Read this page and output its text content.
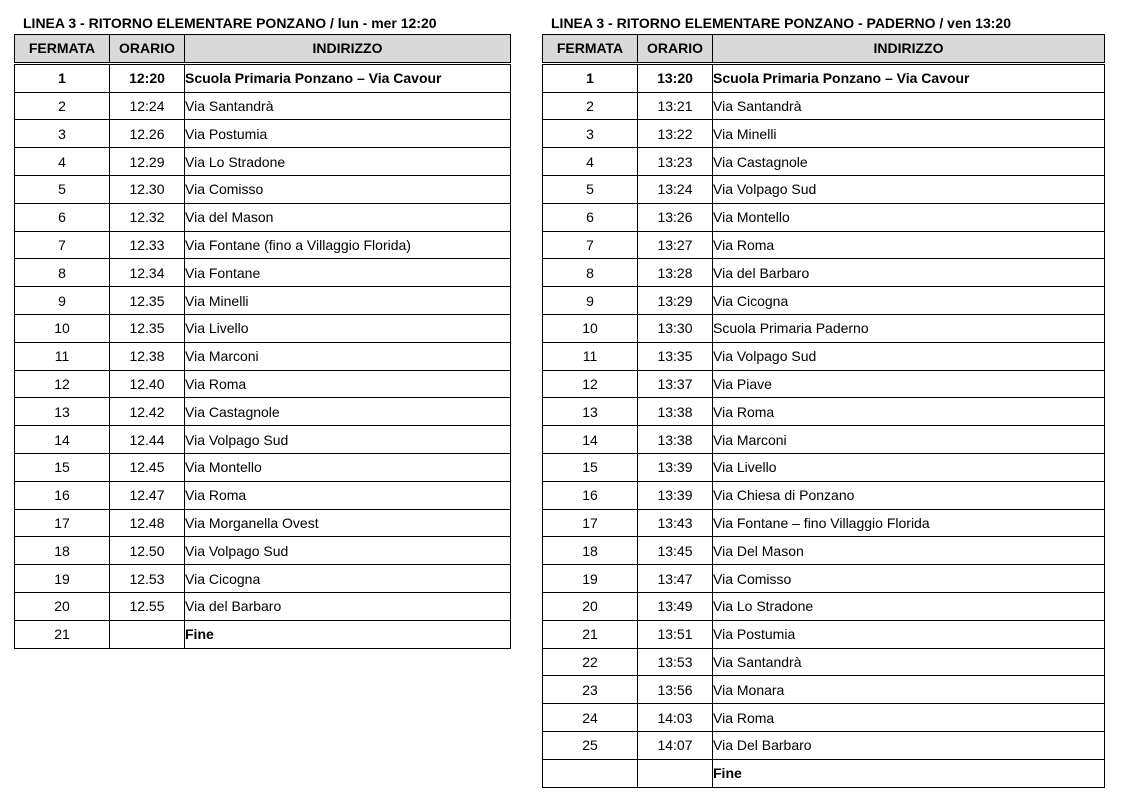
LINEA 3 - RITORNO ELEMENTARE PONZANO / lun - mer 12:20
FERMATA	ORARIO	INDIRIZZO
1	12:20	Scuola Primaria Ponzano – Via Cavour
2	12:24	Via Santandrà
3	12.26	Via Postumia
4	12.29	Via Lo Stradone
5	12.30	Via Comisso
6	12.32	Via del Mason
7	12.33	Via Fontane (fino a Villaggio Florida)
8	12.34	Via Fontane
9	12.35	Via Minelli
10	12.35	Via Livello
11	12.38	Via Marconi
12	12.40	Via Roma
13	12.42	Via Castagnole
14	12.44	Via Volpago Sud
15	12.45	Via Montello
16	12.47	Via Roma
17	12.48	Via Morganella Ovest
18	12.50	Via Volpago Sud
19	12.53	Via Cicogna
20	12.55	Via del Barbaro
21		Fine
LINEA 3 - RITORNO ELEMENTARE PONZANO - PADERNO / ven 13:20
FERMATA	ORARIO	INDIRIZZO
1	13:20	Scuola Primaria Ponzano – Via Cavour
2	13:21	Via Santandrà
3	13:22	Via Minelli
4	13:23	Via Castagnole
5	13:24	Via Volpago Sud
6	13:26	Via Montello
7	13:27	Via Roma
8	13:28	Via del Barbaro
9	13:29	Via Cicogna
10	13:30	Scuola Primaria Paderno
11	13:35	Via Volpago Sud
12	13:37	Via Piave
13	13:38	Via Roma
14	13:38	Via Marconi
15	13:39	Via Livello
16	13:39	Via Chiesa di Ponzano
17	13:43	Via Fontane – fino Villaggio Florida
18	13:45	Via Del Mason
19	13:47	Via Comisso
20	13:49	Via Lo Stradone
21	13:51	Via Postumia
22	13:53	Via Santandrà
23	13:56	Via Monara
24	14:03	Via Roma
25	14:07	Via Del Barbaro
		Fine
